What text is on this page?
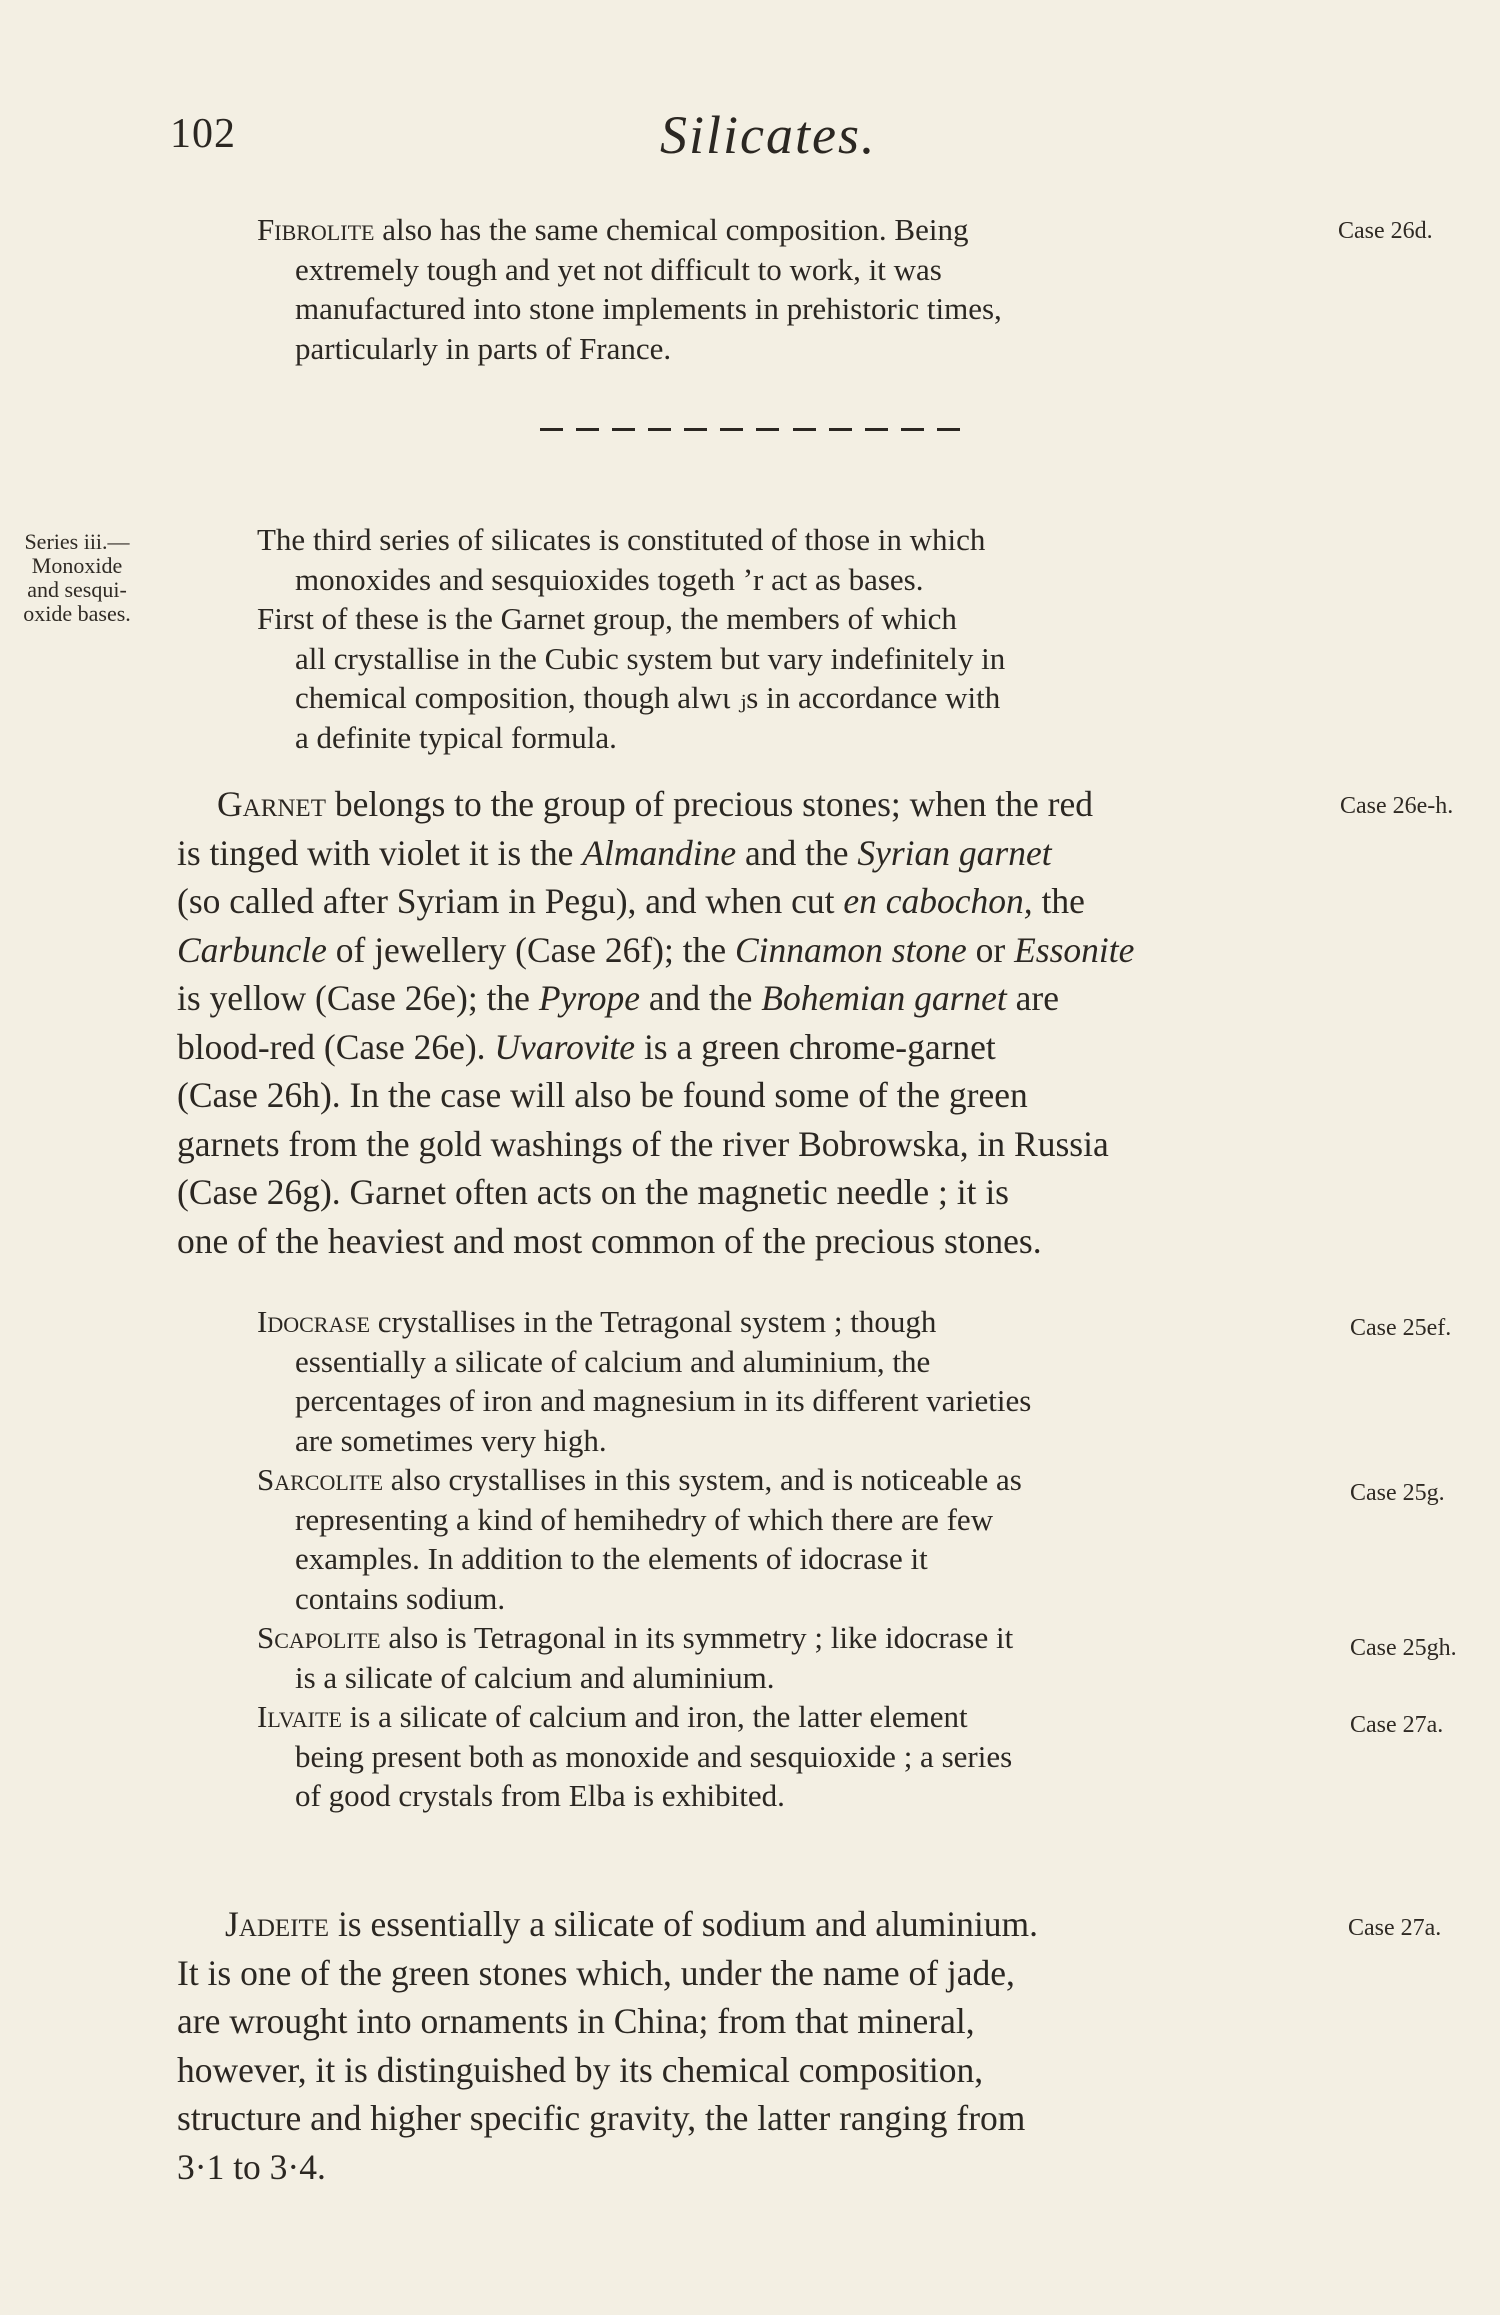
102	Silicates.
Fibrolite also has the same chemical composition. Being
extremely tough and yet not difficult to work, it was
manufactured into stone implements in prehistoric times,
particularly in parts of France.
Case 26d.
Series iii.—
Monoxide
and sesqui-
oxide bases.
The third series of silicates is constituted of those in which
monoxides and sesquioxides togeth ʼr act as bases.
First of these is the Garnet group, the members of which
all crystallise in the Cubic system but vary indefinitely in
chemical composition, though alwι ⱼs in accordance with
a definite typical formula.
Garnet belongs to the group of precious stones; when the red
is tinged with violet it is the Almandine and the Syrian garnet
(so called after Syriam in Pegu), and when cut en cabochon, the
Carbuncle of jewellery (Case 26f); the Cinnamon stone or Essonite
is yellow (Case 26e); the Pyrope and the Bohemian garnet are
blood-red (Case 26e). Uvarovite is a green chrome-garnet
(Case 26h). In the case will also be found some of the green
garnets from the gold washings of the river Bobrowska, in Russia
(Case 26g). Garnet often acts on the magnetic needle ; it is
one of the heaviest and most common of the precious stones.
Case 26e-h.
Idocrase crystallises in the Tetragonal system ; though
essentially a silicate of calcium and aluminium, the
percentages of iron and magnesium in its different varieties
are sometimes very high.
Case 25ef.
Sarcolite also crystallises in this system, and is noticeable as
representing a kind of hemihedry of which there are few
examples. In addition to the elements of idocrase it
contains sodium.
Case 25g.
Scapolite also is Tetragonal in its symmetry ; like idocrase it
is a silicate of calcium and aluminium.
Case 25gh.
Ilvaite is a silicate of calcium and iron, the latter element
being present both as monoxide and sesquioxide ; a series
of good crystals from Elba is exhibited.
Case 27a.
Jadeite is essentially a silicate of sodium and aluminium.
It is one of the green stones which, under the name of jade,
are wrought into ornaments in China; from that mineral,
however, it is distinguished by its chemical composition,
structure and higher specific gravity, the latter ranging from
3·1 to 3·4.
Case 27a.
